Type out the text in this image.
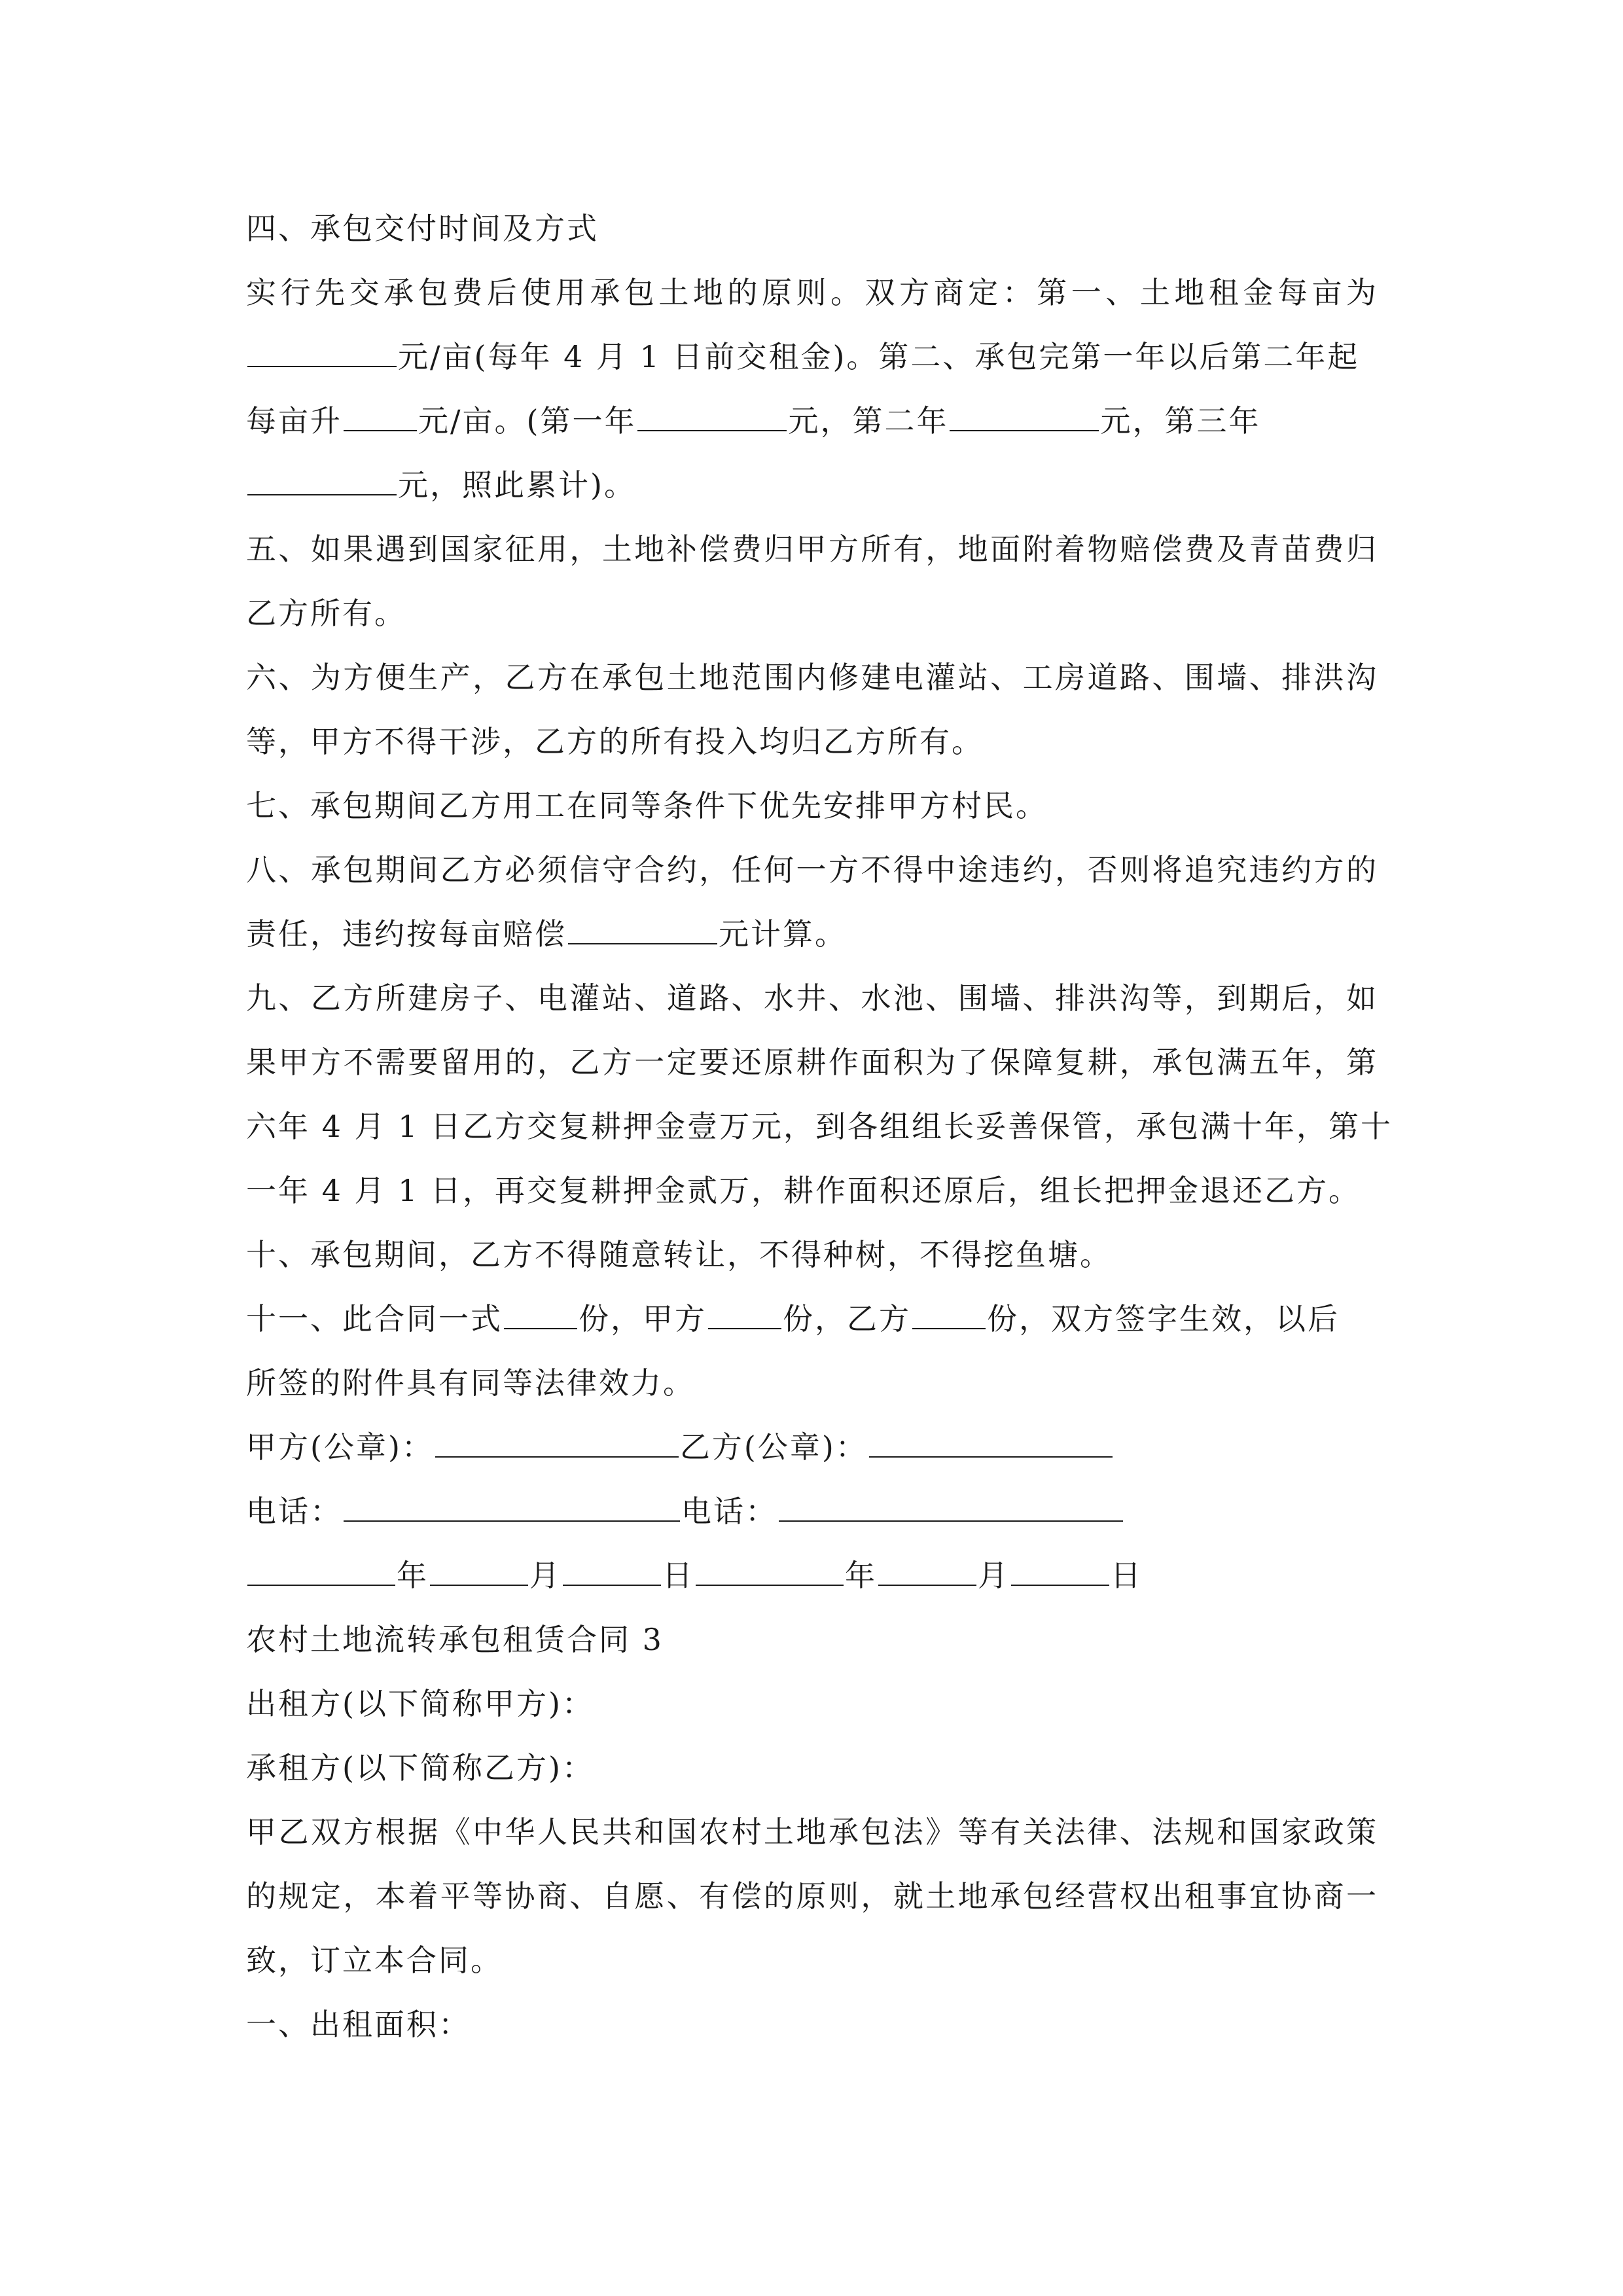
四、承包交付时间及方式
实行先交承包费后使用承包土地的原则。双方商定：第一、土地租金每亩为
元/亩(每年 4 月 1 日前交租金)。第二、承包完第一年以后第二年起
每亩升	元/亩。(第一年	元，第二年	元，第三年
元，照此累计)。
五、如果遇到国家征用，土地补偿费归甲方所有，地面附着物赔偿费及青苗费归
乙方所有。
六、为方便生产，乙方在承包土地范围内修建电灌站、工房道路、围墙、排洪沟
等，甲方不得干涉，乙方的所有投入均归乙方所有。
七、承包期间乙方用工在同等条件下优先安排甲方村民。
八、承包期间乙方必须信守合约，任何一方不得中途违约，否则将追究违约方的
责任，违约按每亩赔偿	元计算。
九、乙方所建房子、电灌站、道路、水井、水池、围墙、排洪沟等，到期后，如
果甲方不需要留用的，乙方一定要还原耕作面积为了保障复耕，承包满五年，第
六年 4 月 1 日乙方交复耕押金壹万元，到各组组长妥善保管，承包满十年，第十
一年 4 月 1 日，再交复耕押金贰万，耕作面积还原后，组长把押金退还乙方。
十、承包期间，乙方不得随意转让，不得种树，不得挖鱼塘。
十一、此合同一式	份，甲方	份，乙方	份，双方签字生效，以后
所签的附件具有同等法律效力。
甲方(公章)：	乙方(公章)：
电话：	电话：
年	月	日	年	月	日
农村土地流转承包租赁合同 3
出租方(以下简称甲方)：
承租方(以下简称乙方)：
甲乙双方根据《中华人民共和国农村土地承包法》等有关法律、法规和国家政策
的规定，本着平等协商、自愿、有偿的原则，就土地承包经营权出租事宜协商一
致，订立本合同。
一、出租面积：
